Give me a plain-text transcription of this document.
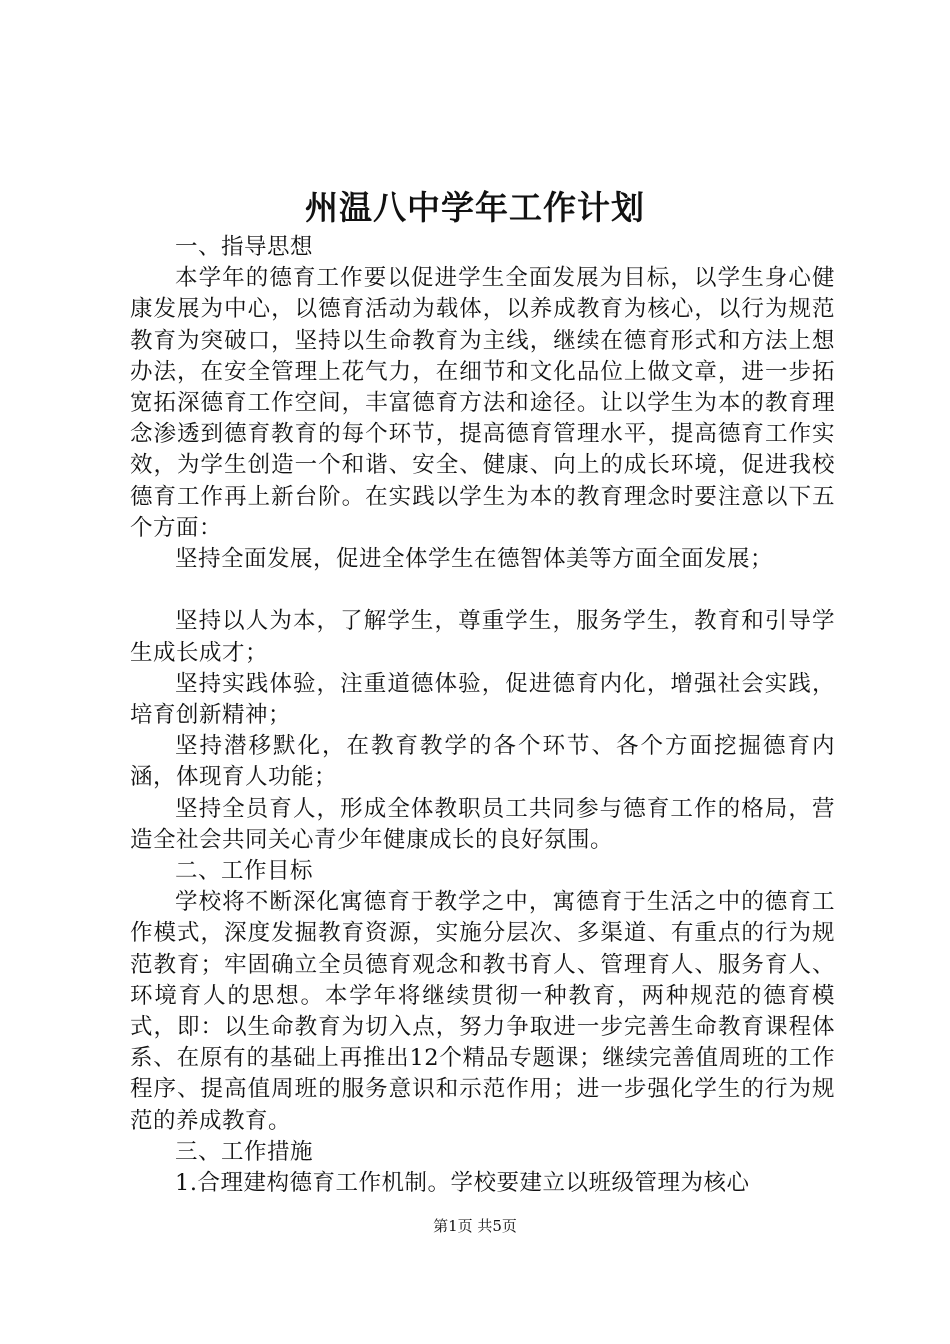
州温八中学年工作计划

一、指导思想

本学年的德育工作要以促进学生全面发展为目标，以学生身心健康发展为中心，以德育活动为载体，以养成教育为核心，以行为规范教育为突破口，坚持以生命教育为主线，继续在德育形式和方法上想办法，在安全管理上花气力，在细节和文化品位上做文章，进一步拓宽拓深德育工作空间，丰富德育方法和途径。让以学生为本的教育理念渗透到德育教育的每个环节，提高德育管理水平，提高德育工作实效，为学生创造一个和谐、安全、健康、向上的成长环境，促进我校德育工作再上新台阶。在实践以学生为本的教育理念时要注意以下五个方面：

坚持全面发展，促进全体学生在德智体美等方面全面发展；

坚持以人为本，了解学生，尊重学生，服务学生，教育和引导学生成长成才；

坚持实践体验，注重道德体验，促进德育内化，增强社会实践，培育创新精神；

坚持潜移默化，在教育教学的各个环节、各个方面挖掘德育内涵，体现育人功能；

坚持全员育人，形成全体教职员工共同参与德育工作的格局，营造全社会共同关心青少年健康成长的良好氛围。

二、工作目标

学校将不断深化寓德育于教学之中，寓德育于生活之中的德育工作模式，深度发掘教育资源，实施分层次、多渠道、有重点的行为规范教育；牢固确立全员德育观念和教书育人、管理育人、服务育人、环境育人的思想。本学年将继续贯彻一种教育，两种规范的德育模式，即：以生命教育为切入点，努力争取进一步完善生命教育课程体系、在原有的基础上再推出12个精品专题课；继续完善值周班的工作程序、提高值周班的服务意识和示范作用；进一步强化学生的行为规范的养成教育。

三、工作措施

1.合理建构德育工作机制。学校要建立以班级管理为核心

第1页 共5页
